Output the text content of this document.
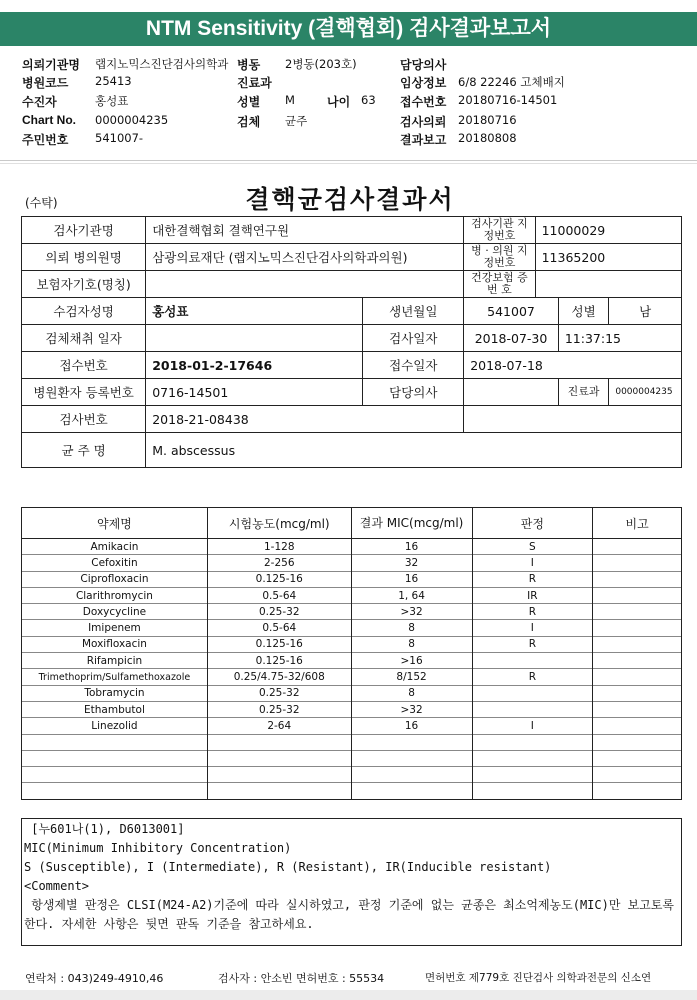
NTM Sensitivity (결핵협회) 검사결과보고서
의뢰기관명 랩지노믹스진단검사의학과 병동 2병동(203호)	담당의사
병원코드 25413	진료과	임상정보 6/8 22246 고체배지
수진자	홍성표	성별 M	나이 63 접수번호 20180716-14501
Chart No. 0000004235	검체 균주	검사의뢰 20180716
주민번호 541007-	결과보고 20180808
(수탁)	결핵균검사결과서
검사기관명	대한결핵협회 결핵연구원		검사기관 지정번호	11000029		
의뢰 병의원명	삼광의료재단 (랩지노믹스진단검사의학과의원)		병 · 의원 지정번호	11365200		
보험자기호(명칭)			건강보험 증 번 호			
수검자성명	홍성표	생년월일	541007		성별	남
검체채취 일자		검사일자	2018-07-30		11:37:15	
접수번호	2018-01-2-17646	접수일자	2018-07-18			
병원환자 등록번호	0716-14501	담당의사			진료과	0000004235
검사번호	2018-21-08438					
균 주 명	M. abscessus					
약제명	시험농도(mcg/ml)	결과 MIC(mcg/ml)	판정	비고
Amikacin	1-128	16	S	
Cefoxitin	2-256	32	I	
Ciprofloxacin	0.125-16	16	R	
Clarithromycin	0.5-64	1, 64	IR	
Doxycycline	0.25-32	>32	R	
Imipenem	0.5-64	8	I	
Moxifloxacin	0.125-16	8	R	
Rifampicin	0.125-16	>16		
Trimethoprim/Sulfamethoxazole	0.25/4.75-32/608	8/152	R	
Tobramycin	0.25-32	8		
Ethambutol	0.25-32	>32		
Linezolid	2-64	16	I	

[누601나(1), D6013001]
MIC(Minimum Inhibitory Concentration)
S (Susceptible), I (Intermediate), R (Resistant), IR(Inducible resistant)
<Comment>
항생제별 판정은 CLSI(M24-A2)기준에 따라 실시하였고, 판정 기준에 없는 균종은 최소억제농도(MIC)만 보고토록 한다. 자세한 사항은 뒷면 판독 기준을 참고하세요.
연락처 : 043)249-4910,46	검사자 : 안소빈 면허번호 : 55534	면허번호 제779호 진단검사 의학과전문의 신소연
